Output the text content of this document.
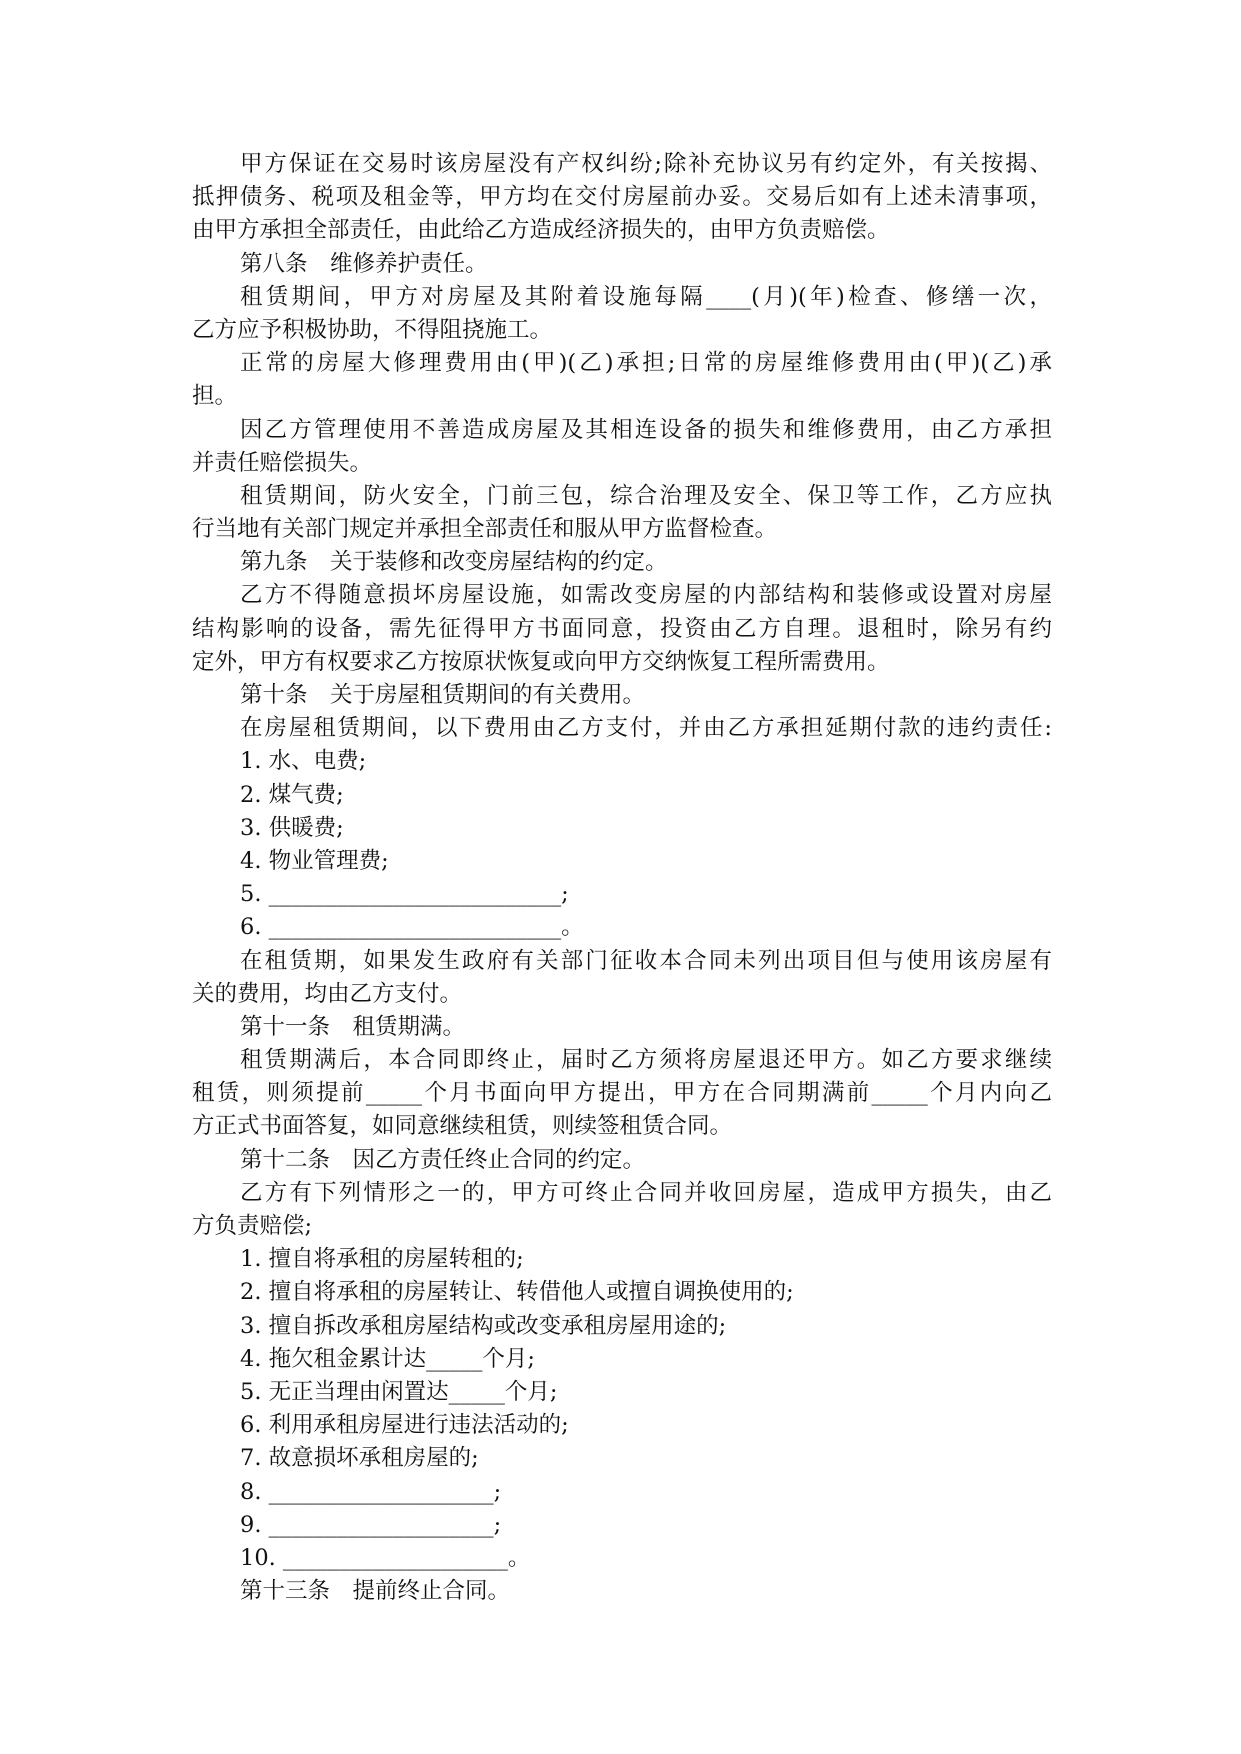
甲方保证在交易时该房屋没有产权纠纷;除补充协议另有约定外，有关按揭、
抵押债务、税项及租金等，甲方均在交付房屋前办妥。交易后如有上述未清事项，
由甲方承担全部责任，由此给乙方造成经济损失的，由甲方负责赔偿。
第八条　维修养护责任。
租赁期间，甲方对房屋及其附着设施每隔____(月)(年)检查、修缮一次，
乙方应予积极协助，不得阻挠施工。
正常的房屋大修理费用由(甲)(乙)承担;日常的房屋维修费用由(甲)(乙)承
担。
因乙方管理使用不善造成房屋及其相连设备的损失和维修费用，由乙方承担
并责任赔偿损失。
租赁期间，防火安全，门前三包，综合治理及安全、保卫等工作，乙方应执
行当地有关部门规定并承担全部责任和服从甲方监督检查。
第九条　关于装修和改变房屋结构的约定。
乙方不得随意损坏房屋设施，如需改变房屋的内部结构和装修或设置对房屋
结构影响的设备，需先征得甲方书面同意，投资由乙方自理。退租时，除另有约
定外，甲方有权要求乙方按原状恢复或向甲方交纳恢复工程所需费用。
第十条　关于房屋租赁期间的有关费用。
在房屋租赁期间，以下费用由乙方支付，并由乙方承担延期付款的违约责任:
1. 水、电费;
2. 煤气费;
3. 供暖费;
4. 物业管理费;
5. __________________________;
6. __________________________。
在租赁期，如果发生政府有关部门征收本合同未列出项目但与使用该房屋有
关的费用，均由乙方支付。
第十一条　租赁期满。
租赁期满后，本合同即终止，届时乙方须将房屋退还甲方。如乙方要求继续
租赁，则须提前_____个月书面向甲方提出，甲方在合同期满前_____个月内向乙
方正式书面答复，如同意继续租赁，则续签租赁合同。
第十二条　因乙方责任终止合同的约定。
乙方有下列情形之一的，甲方可终止合同并收回房屋，造成甲方损失，由乙
方负责赔偿;
1. 擅自将承租的房屋转租的;
2. 擅自将承租的房屋转让、转借他人或擅自调换使用的;
3. 擅自拆改承租房屋结构或改变承租房屋用途的;
4. 拖欠租金累计达_____个月;
5. 无正当理由闲置达_____个月;
6. 利用承租房屋进行违法活动的;
7. 故意损坏承租房屋的;
8. ____________________;
9. ____________________;
10. ____________________。
第十三条　提前终止合同。
